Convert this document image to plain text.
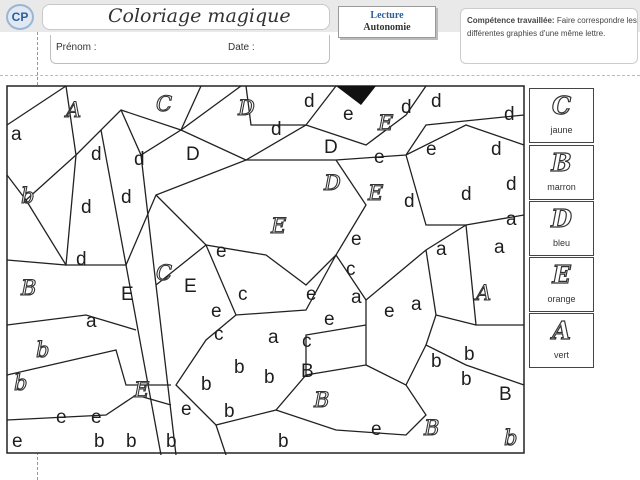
CP	Coloriage magique
Prénom :	Date :
Lecture
Autonomie
Compétence travaillée: Faire correspondre les différentes graphies d'une même lettre.
C
jaune
B
marron
D
bleu
E
orange
A
vert
a
A	C	D	d
d
e E
d d
d
d
D	D e e
d
d d
b d d
E
D E
e
d
e
d
a
a
a
B
d
C
E	E
e
c
c
a	a
e
A
a
e
b
c a
e
c
b	B
b
b
E
b
b
e	b
B
B
b
e
e	b
e B
b b	b
e
b
b
